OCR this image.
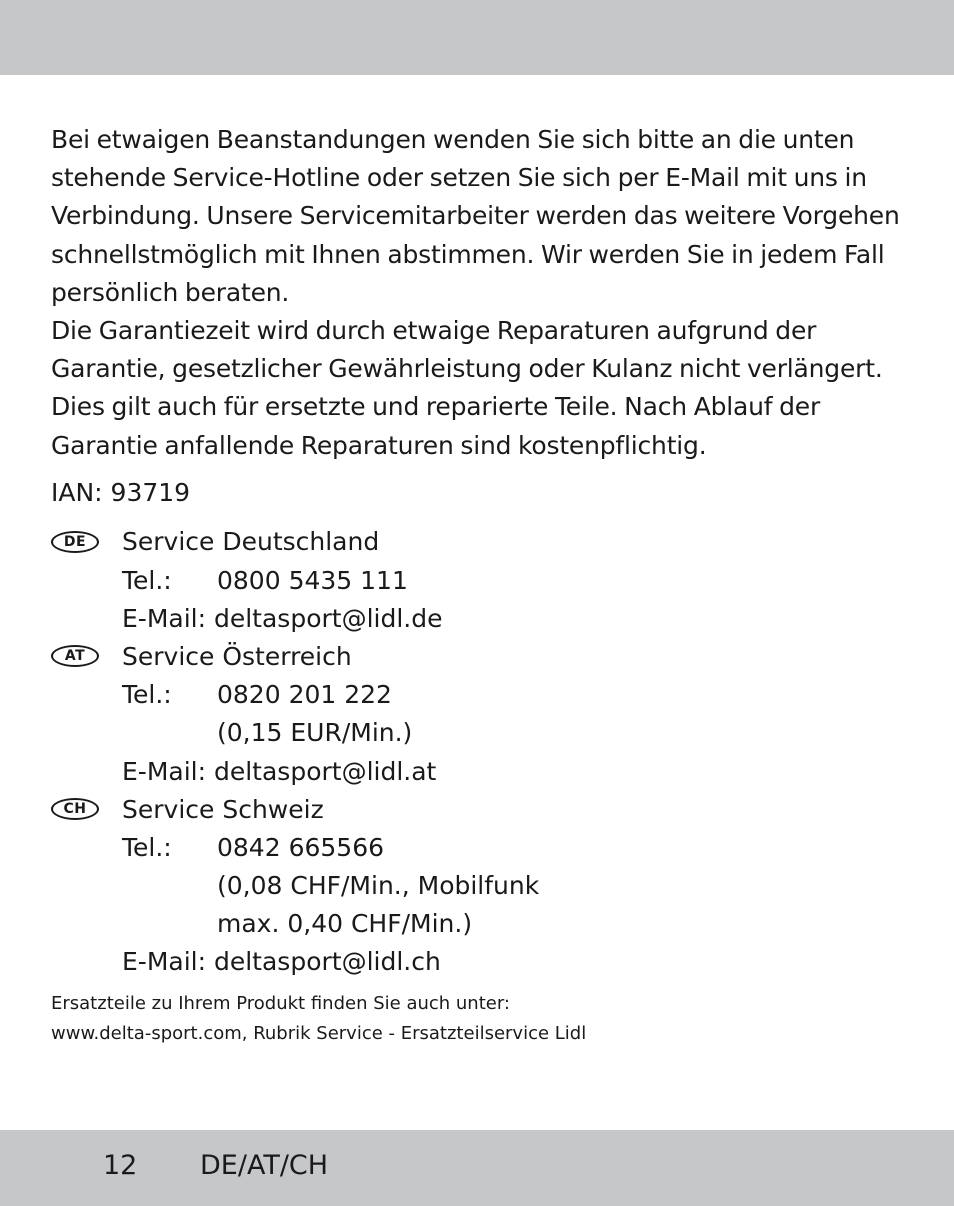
Bei etwaigen Beanstandungen wenden Sie sich bitte an die unten
stehende Service-Hotline oder setzen Sie sich per E-Mail mit uns in
Verbindung. Unsere Servicemitarbeiter werden das weitere Vorgehen
schnellstmöglich mit Ihnen abstimmen. Wir werden Sie in jedem Fall
persönlich beraten.
Die Garantiezeit wird durch etwaige Reparaturen aufgrund der
Garantie, gesetzlicher Gewährleistung oder Kulanz nicht verlängert.
Dies gilt auch für ersetzte und reparierte Teile. Nach Ablauf der
Garantie anfallende Reparaturen sind kostenpflichtig.

IAN: 93719
DE	Service Deutschland
Tel.:	0800 5435 111
E-Mail:
deltasport@lidl.de
AT	Service Österreich
Tel.:	0820 201 222
(0,15 EUR/Min.)
E-Mail:
deltasport@lidl.at
CH	Service Schweiz
Tel.:	0842 665566
(0,08 CHF/Min., Mobilfunk
max. 0,40 CHF/Min.)
E-Mail:
deltasport@lidl.ch
Ersatzteile zu Ihrem Produkt finden Sie auch unter:
www.delta-sport.com, Rubrik Service - Ersatzteilservice Lidl
12	DE/AT/CH
